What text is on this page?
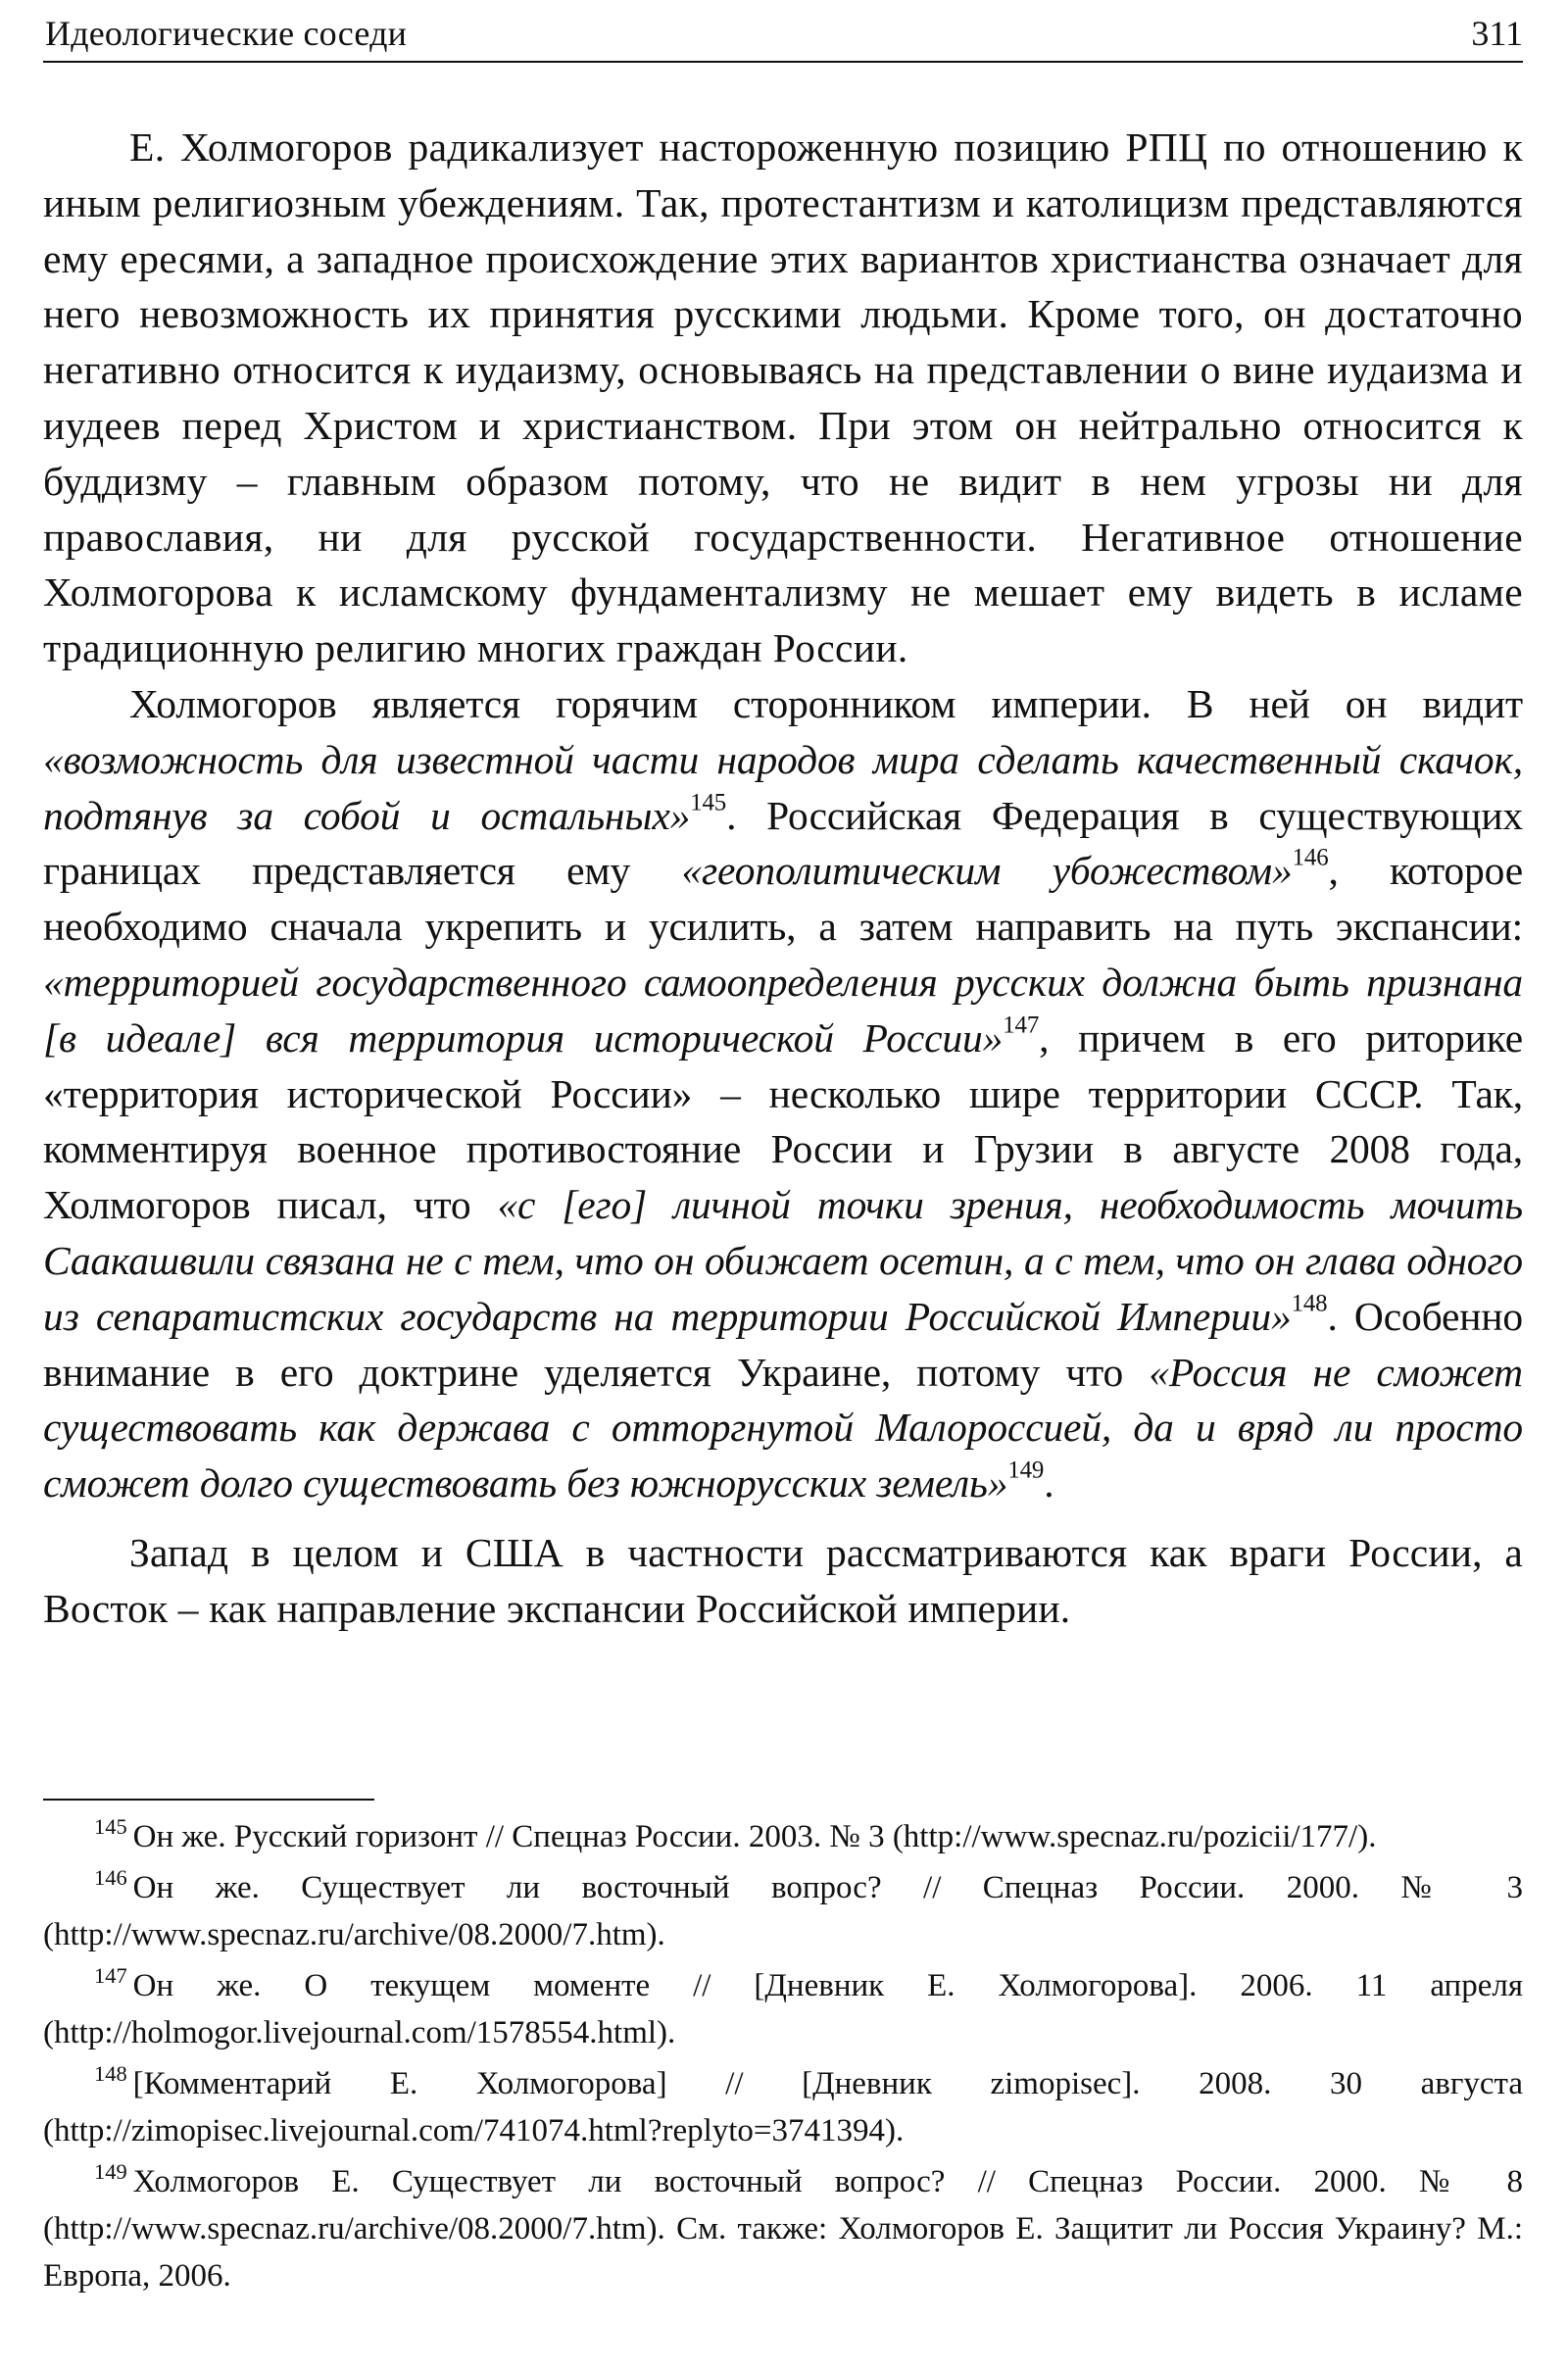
Идеологические соседи	311

Е. Холмогоров радикализует настороженную позицию РПЦ по отношению к иным религиозным убеждениям. Так, протестантизм и католицизм представляются ему ересями, а западное происхождение этих вариантов христианства означает для него невозможность их принятия русскими людьми. Кроме того, он достаточно негативно относится к иудаизму, основываясь на представлении о вине иудаизма и иудеев перед Христом и христианством. При этом он нейтрально относится к буддизму – главным образом потому, что не видит в нем угрозы ни для православия, ни для русской государственности. Негативное отношение Холмогорова к исламскому фундаментализму не мешает ему видеть в исламе традиционную религию многих граждан России.

Холмогоров является горячим сторонником империи. В ней он видит «возможность для известной части народов мира сделать качественный скачок, подтянув за собой и остальных»$^{145}$. Российская Федерация в существующих границах представляется ему «геополитическим убожеством»$^{146}$, которое необходимо сначала укрепить и усилить, а затем направить на путь экспансии: «территорией государственного самоопределения русских должна быть признана [в идеале] вся территория исторической России»$^{147}$, причем в его риторике «территория исторической России» – несколько шире территории СССР. Так, комментируя военное противостояние России и Грузии в августе 2008 года, Холмогоров писал, что «с [его] личной точки зрения, необходимость мочить Саакашвили связана не с тем, что он обижает осетин, а с тем, что он глава одного из сепаратистских государств на территории Российской Империи»$^{148}$. Особенно внимание в его доктрине уделяется Украине, потому что «Россия не сможет существовать как держава с отторгнутой Малороссией, да и вряд ли просто сможет долго существовать без южнорусских земель»$^{149}$.

Запад в целом и США в частности рассматриваются как враги России, а Восток – как направление экспансии Российской империи.

$^{145}$ Он же. Русский горизонт // Спецназ России. 2003. № 3 (http://www.specnaz.ru/pozicii/177/).

$^{146}$ Он же. Существует ли восточный вопрос? // Спецназ России. 2000. № 3 (http://www.specnaz.ru/archive/08.2000/7.htm).

$^{147}$ Он же. О текущем моменте // [Дневник Е. Холмогорова]. 2006. 11 апреля (http://holmogor.livejournal.com/1578554.html).

$^{148}$ [Комментарий Е. Холмогорова] // [Дневник zimopisec]. 2008. 30 августа (http://zimopisec.livejournal.com/741074.html?replyto=3741394).

$^{149}$ Холмогоров Е. Существует ли восточный вопрос? // Спецназ России. 2000. № 8 (http://www.specnaz.ru/archive/08.2000/7.htm). См. также: Холмогоров Е. Защитит ли Россия Украину? М.: Европа, 2006.
